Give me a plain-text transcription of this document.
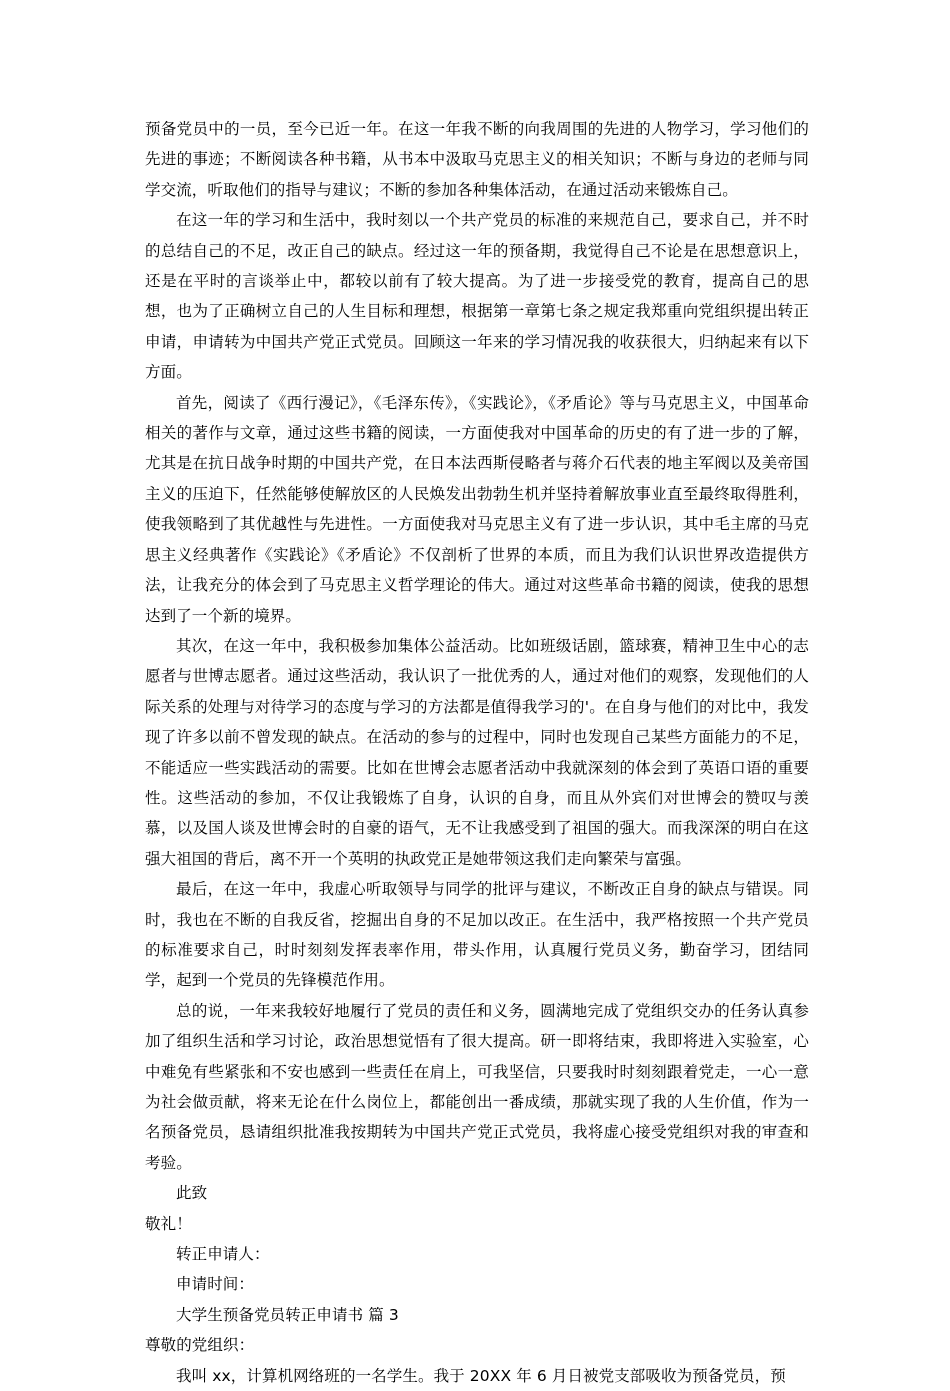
预备党员中的一员，至今已近一年。在这一年我不断的向我周围的先进的人物学习，学习他们的先进的事迹；不断阅读各种书籍，从书本中汲取马克思主义的相关知识；不断与身边的老师与同学交流，听取他们的指导与建议；不断的参加各种集体活动，在通过活动来锻炼自己。

在这一年的学习和生活中，我时刻以一个共产党员的标准的来规范自己，要求自己，并不时的总结自己的不足，改正自己的缺点。经过这一年的预备期，我觉得自己不论是在思想意识上，还是在平时的言谈举止中，都较以前有了较大提高。为了进一步接受党的教育，提高自己的思想，也为了正确树立自己的人生目标和理想，根据第一章第七条之规定我郑重向党组织提出转正申请，申请转为中国共产党正式党员。回顾这一年来的学习情况我的收获很大，归纳起来有以下方面。

首先，阅读了《西行漫记》，《毛泽东传》，《实践论》，《矛盾论》等与马克思主义，中国革命相关的著作与文章，通过这些书籍的阅读，一方面使我对中国革命的历史的有了进一步的了解，尤其是在抗日战争时期的中国共产党，在日本法西斯侵略者与蒋介石代表的地主军阀以及美帝国主义的压迫下，任然能够使解放区的人民焕发出勃勃生机并坚持着解放事业直至最终取得胜利，使我领略到了其优越性与先进性。一方面使我对马克思主义有了进一步认识，其中毛主席的马克思主义经典著作《实践论》《矛盾论》不仅剖析了世界的本质，而且为我们认识世界改造提供方法，让我充分的体会到了马克思主义哲学理论的伟大。通过对这些革命书籍的阅读，使我的思想达到了一个新的境界。

其次，在这一年中，我积极参加集体公益活动。比如班级话剧，篮球赛，精神卫生中心的志愿者与世博志愿者。通过这些活动，我认识了一批优秀的人，通过对他们的观察，发现他们的人际关系的处理与对待学习的态度与学习的方法都是值得我学习的'。在自身与他们的对比中，我发现了许多以前不曾发现的缺点。在活动的参与的过程中，同时也发现自己某些方面能力的不足，不能适应一些实践活动的需要。比如在世博会志愿者活动中我就深刻的体会到了英语口语的重要性。这些活动的参加，不仅让我锻炼了自身，认识的自身，而且从外宾们对世博会的赞叹与羡慕，以及国人谈及世博会时的自豪的语气，无不让我感受到了祖国的强大。而我深深的明白在这强大祖国的背后，离不开一个英明的执政党正是她带领这我们走向繁荣与富强。

最后，在这一年中，我虚心听取领导与同学的批评与建议，不断改正自身的缺点与错误。同时，我也在不断的自我反省，挖掘出自身的不足加以改正。在生活中，我严格按照一个共产党员的标准要求自己，时时刻刻发挥表率作用，带头作用，认真履行党员义务，勤奋学习，团结同学，起到一个党员的先锋模范作用。

总的说，一年来我较好地履行了党员的责任和义务，圆满地完成了党组织交办的任务认真参加了组织生活和学习讨论，政治思想觉悟有了很大提高。研一即将结束，我即将进入实验室，心中难免有些紧张和不安也感到一些责任在肩上，可我坚信，只要我时时刻刻跟着党走，一心一意为社会做贡献，将来无论在什么岗位上，都能创出一番成绩，那就实现了我的人生价值，作为一名预备党员，恳请组织批准我按期转为中国共产党正式党员，我将虚心接受党组织对我的审查和考验。

此致

敬礼！

转正申请人：

申请时间：

大学生预备党员转正申请书 篇 3

尊敬的党组织：

我叫 xx，计算机网络班的一名学生。我于 20XX 年 6 月日被党支部吸收为预备党员，预
